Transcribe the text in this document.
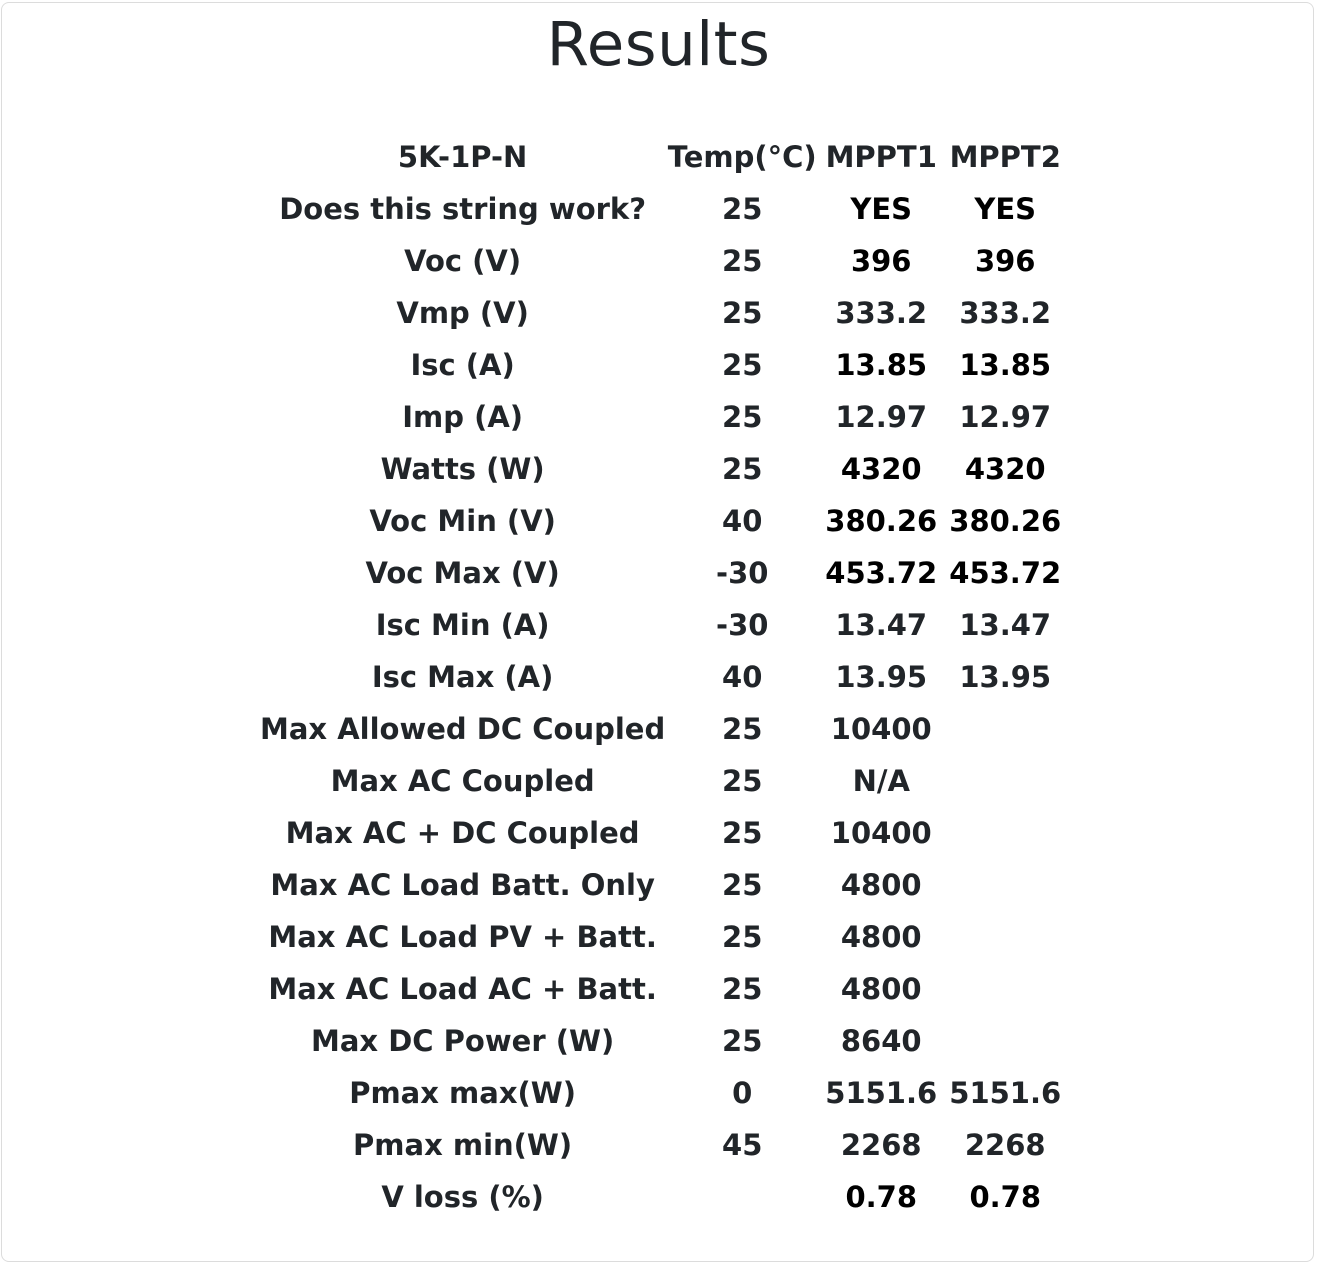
Results
5K-1P-N	Temp(°C)	MPPT1	MPPT2
Does this string work?	25	YES	YES
Voc (V)	25	396	396
Vmp (V)	25	333.2	333.2
Isc (A)	25	13.85	13.85
Imp (A)	25	12.97	12.97
Watts (W)	25	4320	4320
Voc Min (V)	40	380.26	380.26
Voc Max (V)	-30	453.72	453.72
Isc Min (A)	-30	13.47	13.47
Isc Max (A)	40	13.95	13.95
Max Allowed DC Coupled	25	10400	
Max AC Coupled	25	N/A	
Max AC + DC Coupled	25	10400	
Max AC Load Batt. Only	25	4800	
Max AC Load PV + Batt.	25	4800	
Max AC Load AC + Batt.	25	4800	
Max DC Power (W)	25	8640	
Pmax max(W)	0	5151.6	5151.6
Pmax min(W)	45	2268	2268
V loss (%)		0.78	0.78
